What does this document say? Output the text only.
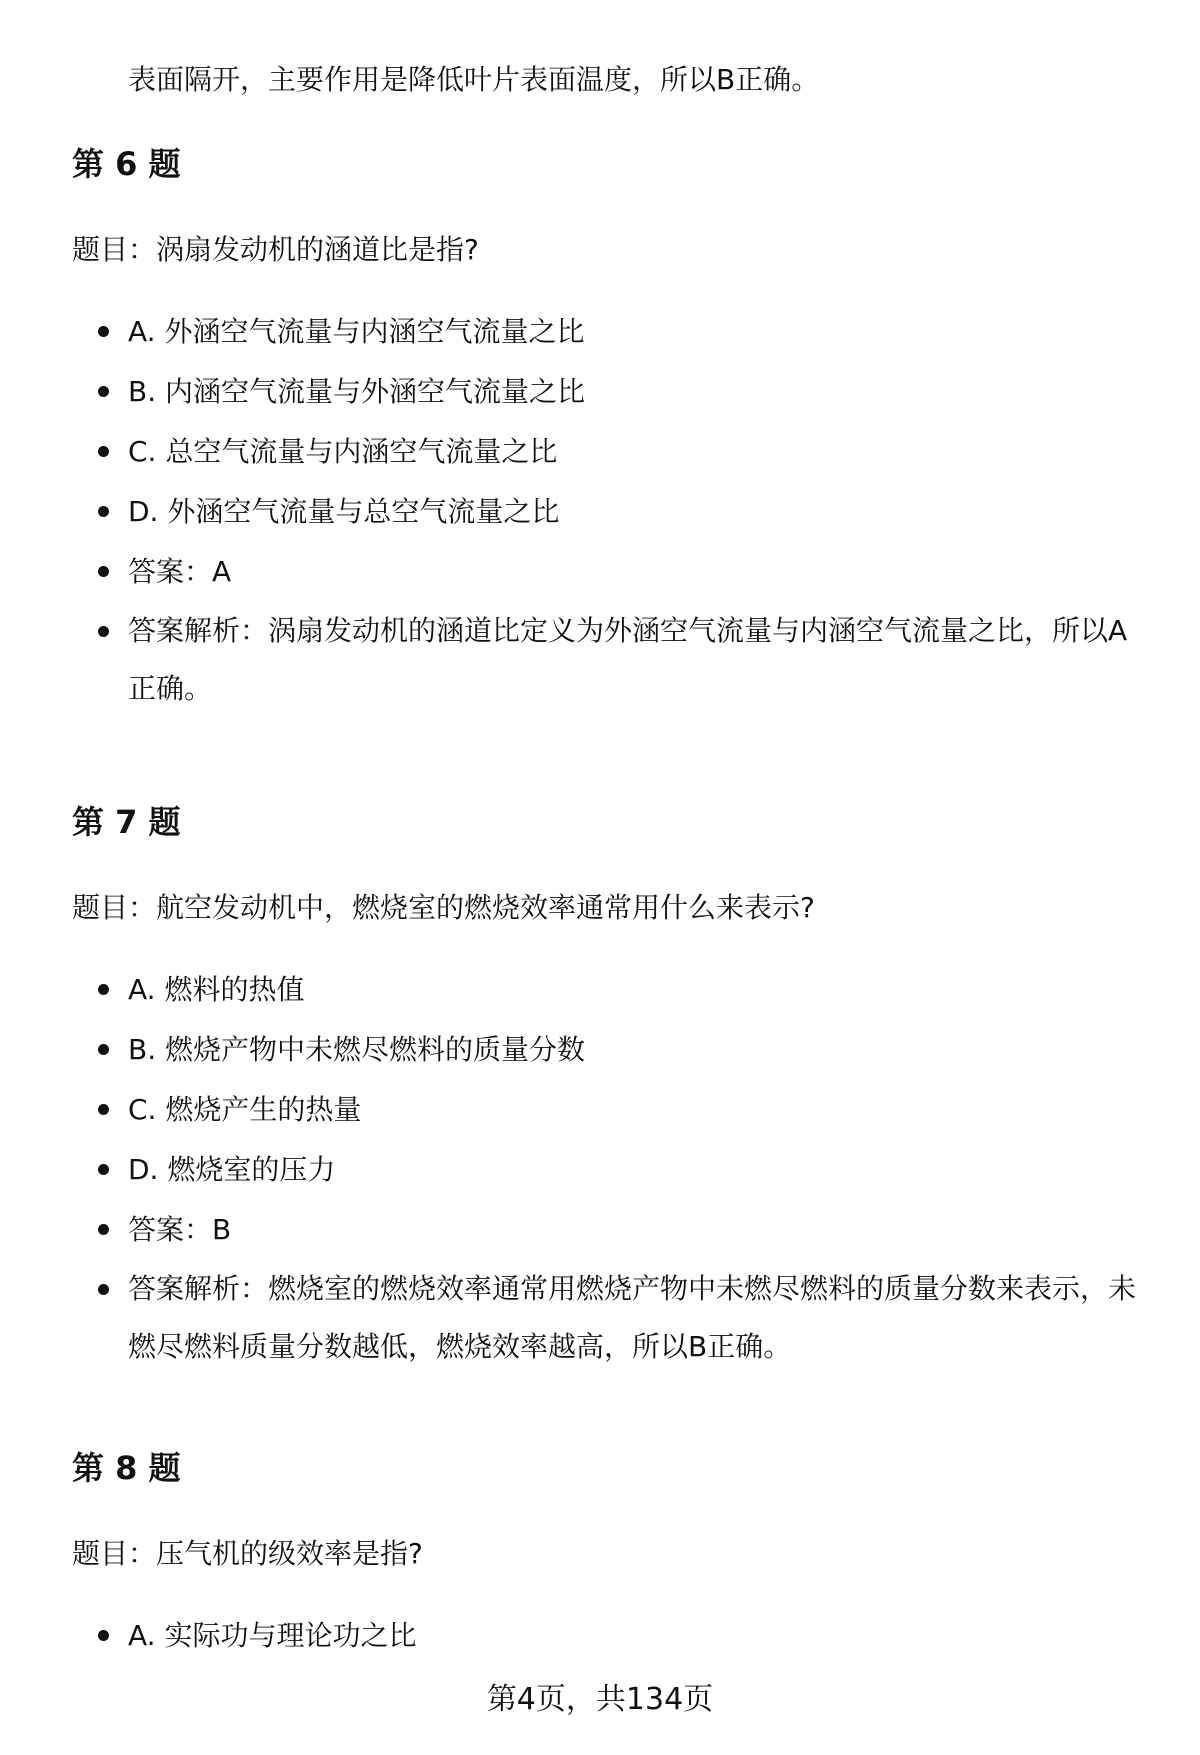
表面隔开，主要作用是降低叶片表面温度，所以B正确。

第 6 题

题目：涡扇发动机的涵道比是指?

A. 外涵空气流量与内涵空气流量之比
B. 内涵空气流量与外涵空气流量之比
C. 总空气流量与内涵空气流量之比
D. 外涵空气流量与总空气流量之比
答案：A
答案解析：涡扇发动机的涵道比定义为外涵空气流量与内涵空气流量之比，所以A正确。
第 7 题

题目：航空发动机中，燃烧室的燃烧效率通常用什么来表示?

A. 燃料的热值
B. 燃烧产物中未燃尽燃料的质量分数
C. 燃烧产生的热量
D. 燃烧室的压力
答案：B
答案解析：燃烧室的燃烧效率通常用燃烧产物中未燃尽燃料的质量分数来表示，未燃尽燃料质量分数越低，燃烧效率越高，所以B正确。
第 8 题

题目：压气机的级效率是指?

A. 实际功与理论功之比

第4页，共134页
